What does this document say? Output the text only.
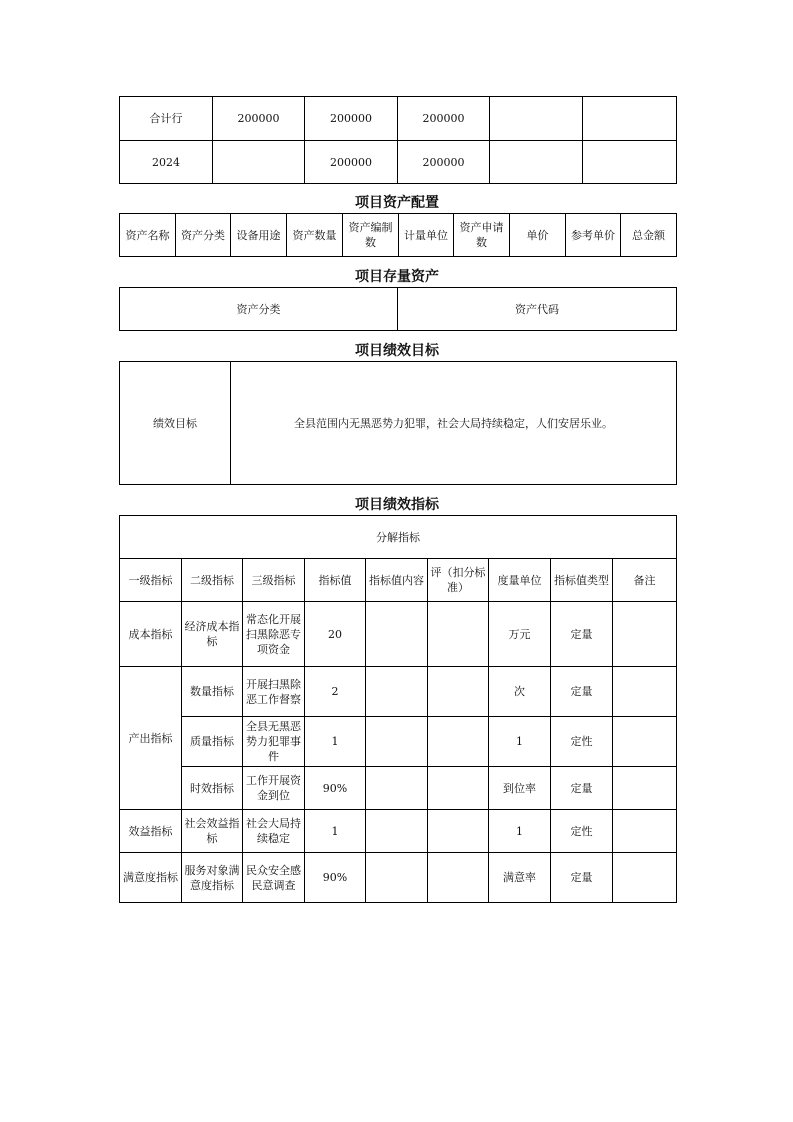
合计行	200000	200000	200000		
2024		200000	200000		
项目资产配置
资产名称	资产分类	设备用途	资产数量	资产编制数	计量单位	资产申请数	单价	参考单价	总金额
项目存量资产
资产分类	资产代码
项目绩效目标
绩效目标	全县范围内无黑恶势力犯罪，社会大局持续稳定，人们安居乐业。
项目绩效指标
分解指标								
一级指标	二级指标	三级指标	指标值	指标值内容	评（扣分标准）	度量单位	指标值类型	备注
成本指标	经济成本指标	常态化开展扫黑除恶专项资金	20			万元	定量	
产出指标	数量指标	开展扫黑除恶工作督察	2			次	定量	
	质量指标	全县无黑恶势力犯罪事件	1			1	定性	
	时效指标	工作开展资金到位	90%			到位率	定量	
效益指标	社会效益指标	社会大局持续稳定	1			1	定性	
满意度指标	服务对象满意度指标	民众安全感民意调查	90%			满意率	定量	
